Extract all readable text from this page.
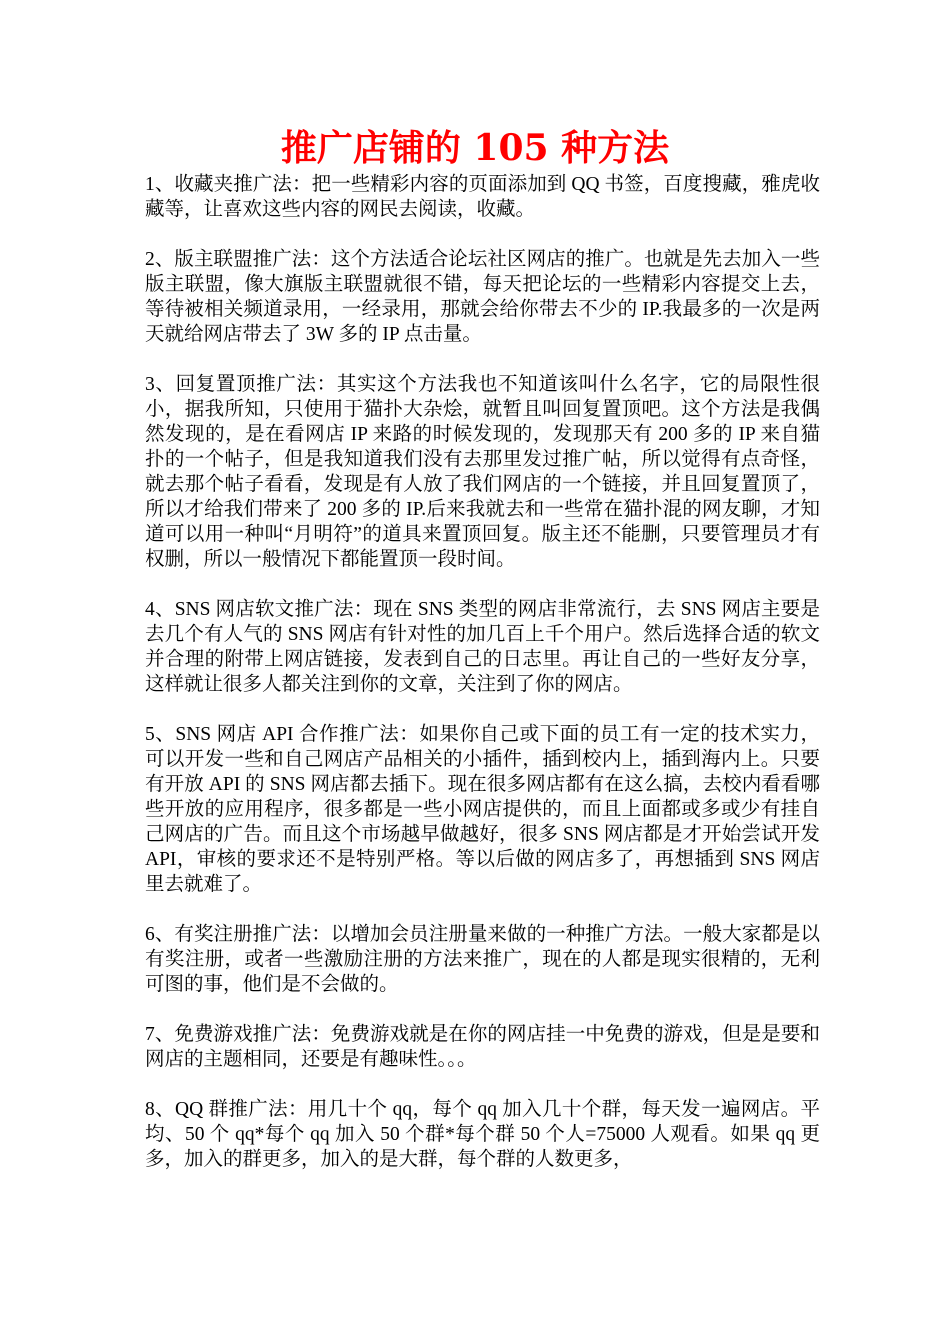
推广店铺的 105 种方法

1、收藏夹推广法：把一些精彩内容的页面添加到 QQ 书签，百度搜藏，雅虎收藏等，让喜欢这些内容的网民去阅读，收藏。

2、版主联盟推广法：这个方法适合论坛社区网店的推广。也就是先去加入一些版主联盟，像大旗版主联盟就很不错，每天把论坛的一些精彩内容提交上去，等待被相关频道录用，一经录用，那就会给你带去不少的 IP.我最多的一次是两天就给网店带去了 3W 多的 IP 点击量。

3、回复置顶推广法：其实这个方法我也不知道该叫什么名字，它的局限性很小，据我所知，只使用于猫扑大杂烩，就暂且叫回复置顶吧。这个方法是我偶然发现的，是在看网店 IP 来路的时候发现的，发现那天有 200 多的 IP 来自猫扑的一个帖子，但是我知道我们没有去那里发过推广帖，所以觉得有点奇怪，就去那个帖子看看，发现是有人放了我们网店的一个链接，并且回复置顶了，所以才给我们带来了 200 多的 IP.后来我就去和一些常在猫扑混的网友聊，才知道可以用一种叫“月明符”的道具来置顶回复。版主还不能删，只要管理员才有权删，所以一般情况下都能置顶一段时间。

4、SNS 网店软文推广法：现在 SNS 类型的网店非常流行，去 SNS 网店主要是去几个有人气的 SNS 网店有针对性的加几百上千个用户。然后选择合适的软文并合理的附带上网店链接，发表到自己的日志里。再让自己的一些好友分享，这样就让很多人都关注到你的文章，关注到了你的网店。

5、SNS 网店 API 合作推广法：如果你自己或下面的员工有一定的技术实力，可以开发一些和自己网店产品相关的小插件，插到校内上，插到海内上。只要有开放 API 的 SNS 网店都去插下。现在很多网店都有在这么搞，去校内看看哪些开放的应用程序，很多都是一些小网店提供的，而且上面都或多或少有挂自己网店的广告。而且这个市场越早做越好，很多 SNS 网店都是才开始尝试开发 API，审核的要求还不是特别严格。等以后做的网店多了，再想插到 SNS 网店里去就难了。

6、有奖注册推广法：以增加会员注册量来做的一种推广方法。一般大家都是以有奖注册，或者一些激励注册的方法来推广，现在的人都是现实很精的，无利可图的事，他们是不会做的。

7、免费游戏推广法：免费游戏就是在你的网店挂一中免费的游戏，但是是要和网店的主题相同，还要是有趣味性。。。

8、QQ 群推广法：用几十个 qq，每个 qq 加入几十个群，每天发一遍网店。平均、50 个 qq*每个 qq 加入 50 个群*每个群 50 个人=75000 人观看。如果 qq 更多，加入的群更多，加入的是大群，每个群的人数更多，
